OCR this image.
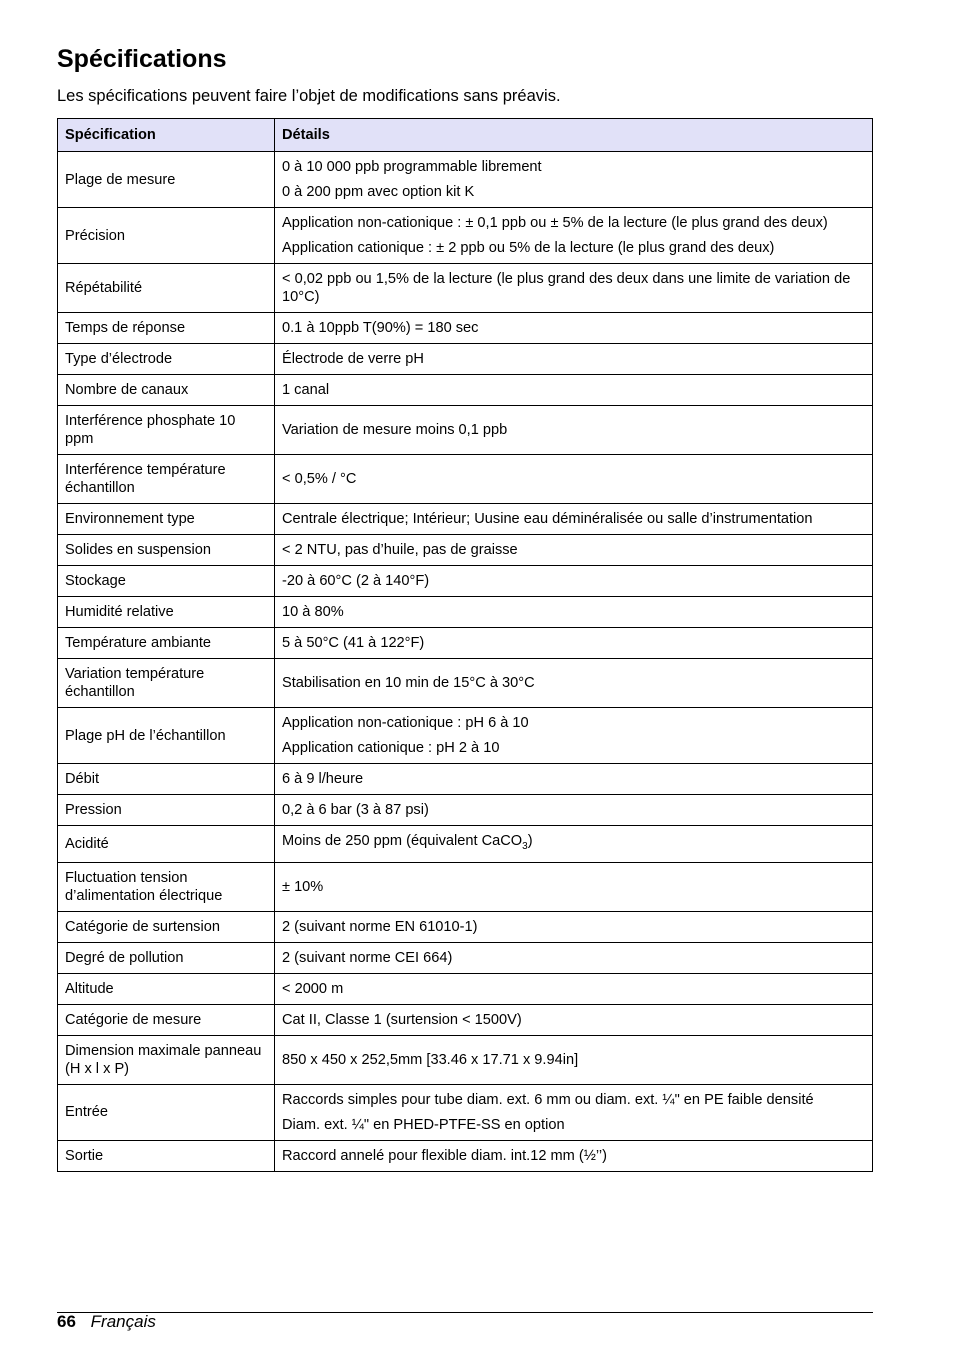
Spécifications

Les spécifications peuvent faire l’objet de modifications sans préavis.

Spécification	Détails
Plage de mesure	0 à 10 000 ppb programmable librement
0 à 200 ppm avec option kit K

Précision	Application non-cationique : ± 0,1 ppb ou ± 5% de la lecture (le plus grand des deux)
Application cationique : ± 2 ppb ou 5% de la lecture (le plus grand des deux)

Répétabilité	< 0,02 ppb ou 1,5% de la lecture (le plus grand des deux dans une limite de variation de 10°C)

Temps de réponse	0.1 à 10ppb T(90%) = 180 sec

Type d’électrode	Électrode de verre pH

Nombre de canaux	1 canal

Interférence phosphate 10 ppm	Variation de mesure moins 0,1 ppb

Interférence température échantillon	< 0,5% / °C

Environnement type	Centrale électrique; Intérieur; Uusine eau déminéralisée ou salle d’instrumentation

Solides en suspension	< 2 NTU, pas d’huile, pas de graisse

Stockage	-20 à 60°C (2 à 140°F)

Humidité relative	10 à 80%

Température ambiante	5 à 50°C (41 à 122°F)

Variation température échantillon	Stabilisation en 10 min de 15°C à 30°C

Plage pH de l’échantillon	Application non-cationique : pH 6 à 10
Application cationique : pH 2 à 10

Débit	6 à 9 l/heure

Pression	0,2 à 6 bar (3 à 87 psi)

Acidité	Moins de 250 ppm (équivalent CaCO$_3$)

Fluctuation tension d’alimentation électrique	± 10%

Catégorie de surtension	2 (suivant norme EN 61010-1)

Degré de pollution	2 (suivant norme CEI 664)

Altitude	< 2000 m

Catégorie de mesure	Cat II, Classe 1 (surtension < 1500V)

Dimension maximale panneau
(H x l x P)	850 x 450 x 252,5mm [33.46 x 17.71 x 9.94in]

Entrée	Raccords simples pour tube diam. ext. 6 mm ou diam. ext. ¼" en PE faible densité
Diam. ext. ¼" en PHED-PTFE-SS en option

Sortie	Raccord annelé pour flexible diam. int.12 mm (½’’)
66 Français
